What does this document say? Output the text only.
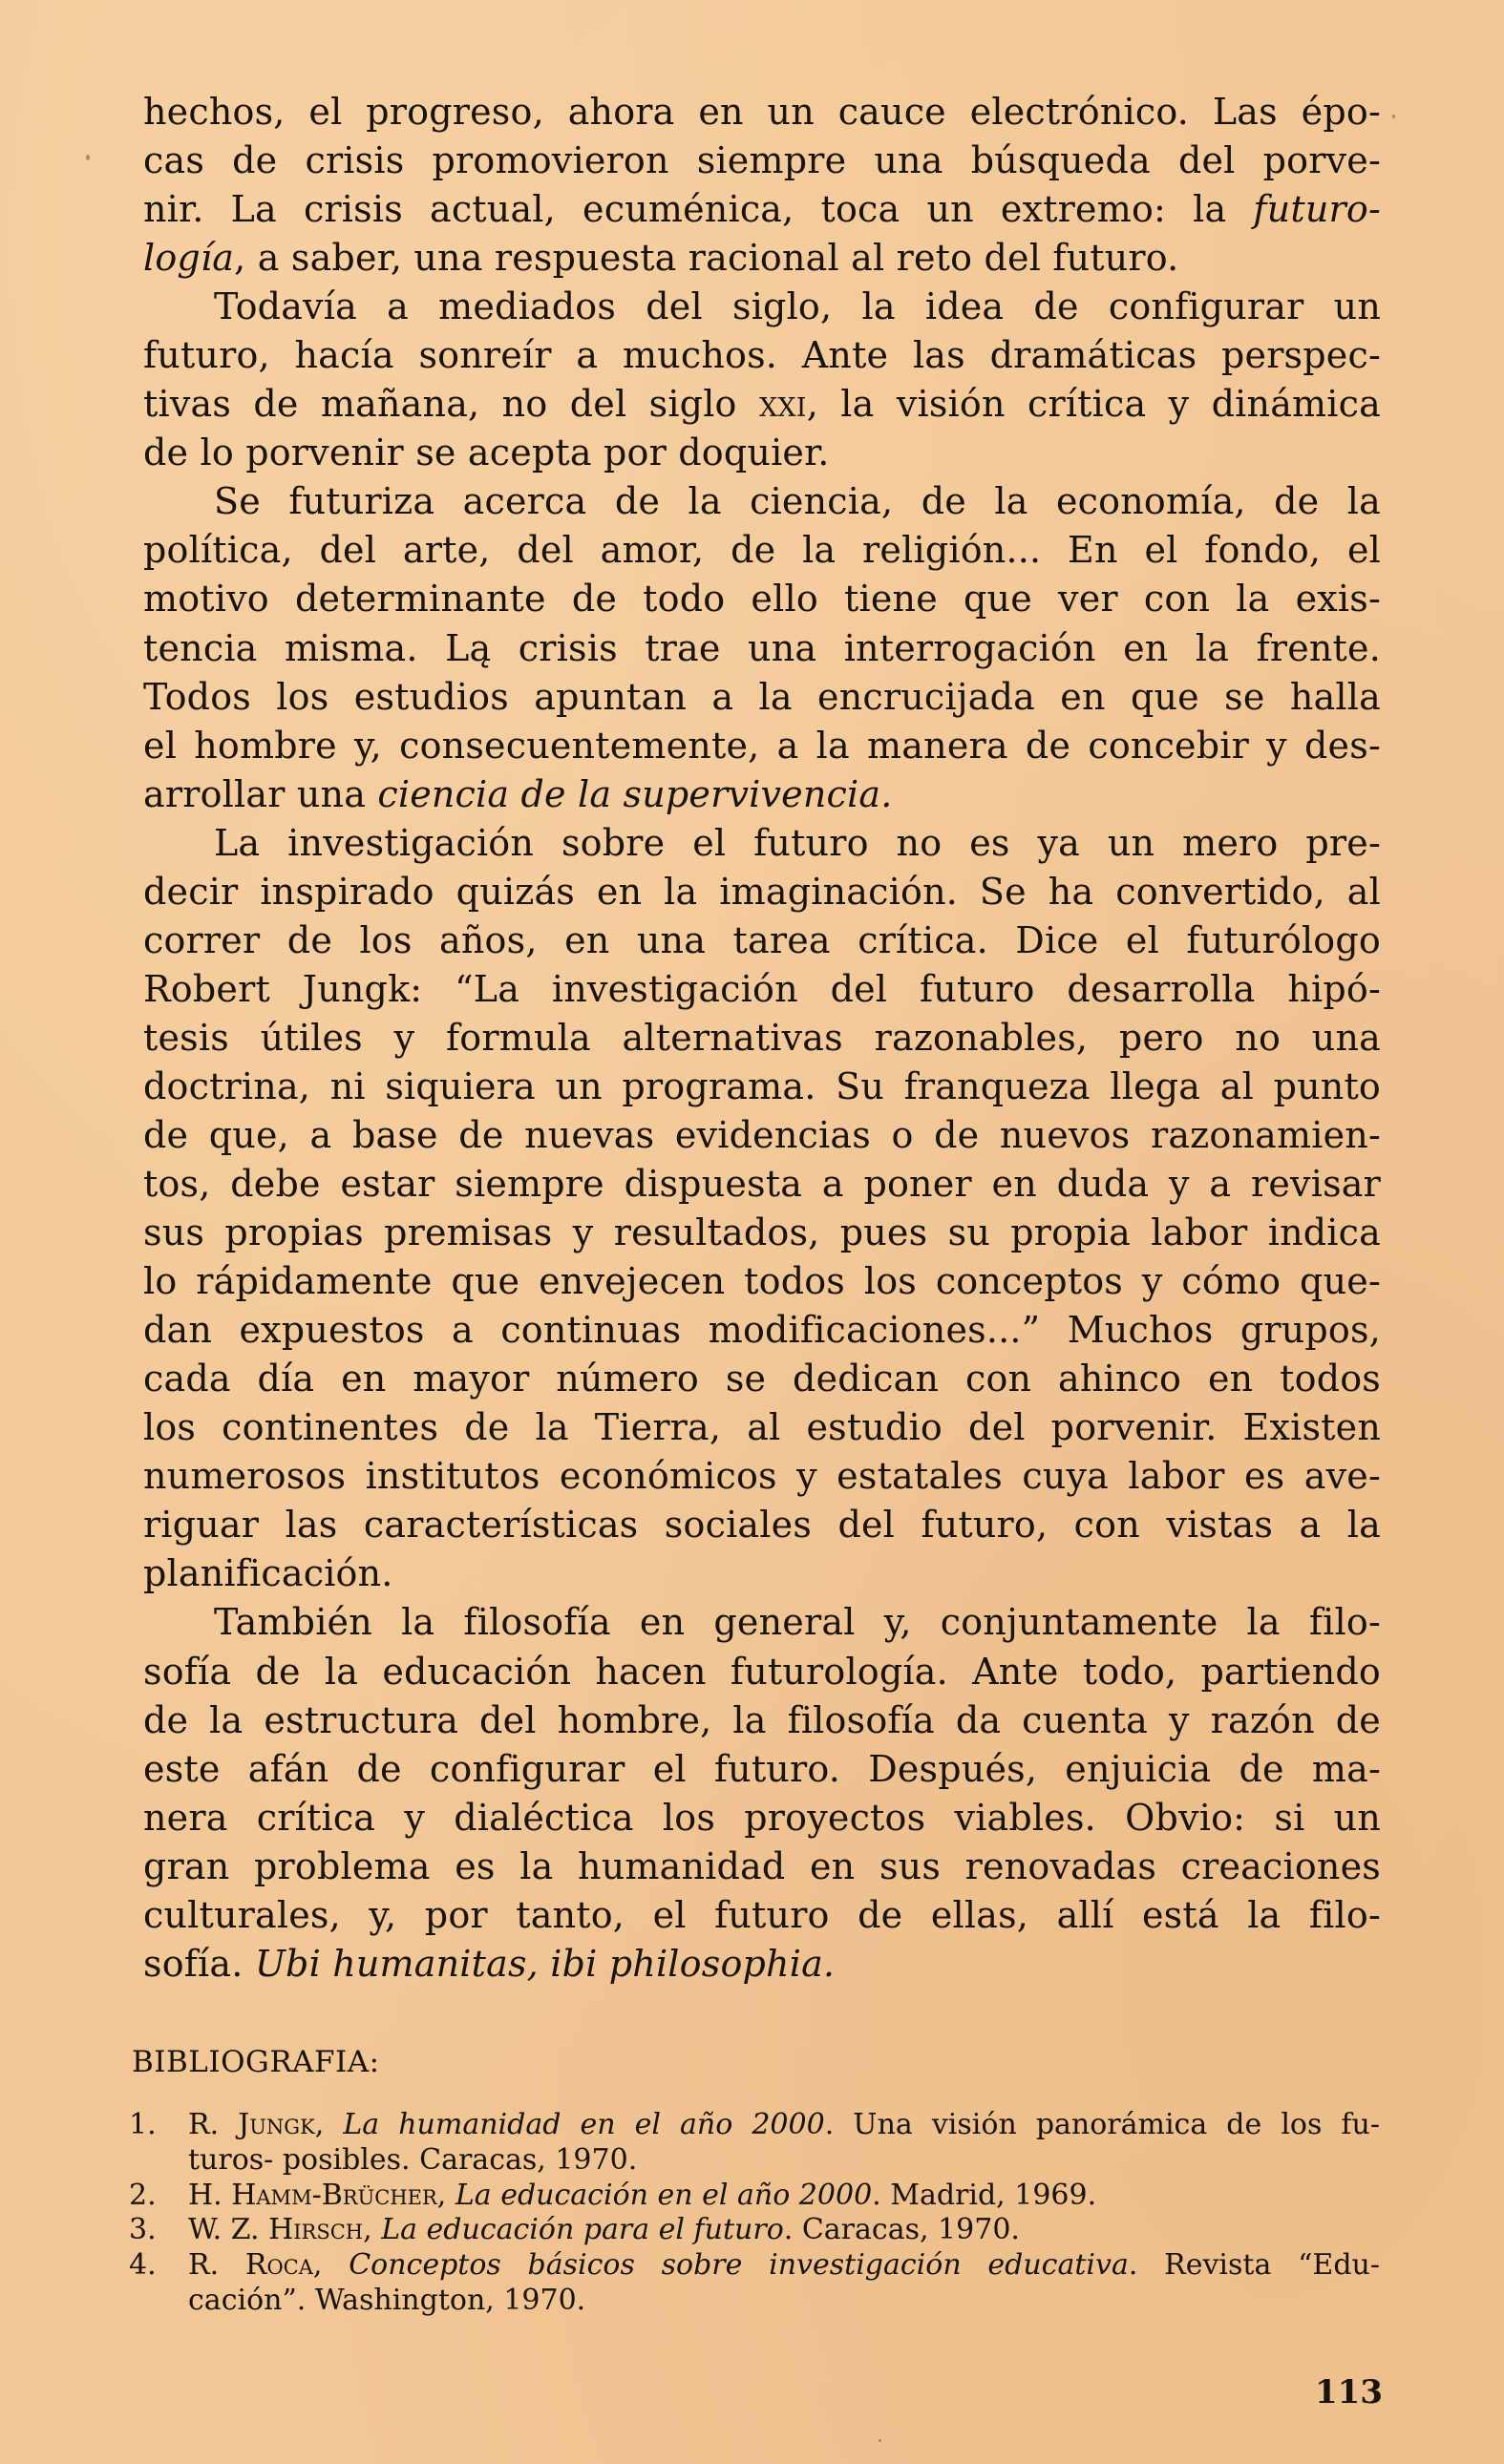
hechos, el progreso, ahora en un cauce electrónico. Las épo-
cas de crisis promovieron siempre una búsqueda del porve-
nir. La crisis actual, ecuménica, toca un extremo: la futuro-
logía, a saber, una respuesta racional al reto del futuro.
Todavía a mediados del siglo, la idea de configurar un
futuro, hacía sonreír a muchos. Ante las dramáticas perspec-
tivas de mañana, no del siglo xxi, la visión crítica y dinámica
de lo porvenir se acepta por doquier.
Se futuriza acerca de la ciencia, de la economía, de la
política, del arte, del amor, de la religión... En el fondo, el
motivo determinante de todo ello tiene que ver con la exis-
tencia misma. Lą crisis trae una interrogación en la frente.
Todos los estudios apuntan a la encrucijada en que se halla
el hombre y, consecuentemente, a la manera de concebir y des-
arrollar una ciencia de la supervivencia.
La investigación sobre el futuro no es ya un mero pre-
decir inspirado quizás en la imaginación. Se ha convertido, al
correr de los años, en una tarea crítica. Dice el futurólogo
Robert Jungk: “La investigación del futuro desarrolla hipó-
tesis útiles y formula alternativas razonables, pero no una
doctrina, ni siquiera un programa. Su franqueza llega al punto
de que, a base de nuevas evidencias o de nuevos razonamien-
tos, debe estar siempre dispuesta a poner en duda y a revisar
sus propias premisas y resultados, pues su propia labor indica
lo rápidamente que envejecen todos los conceptos y cómo que-
dan expuestos a continuas modificaciones...” Muchos grupos,
cada día en mayor número se dedican con ahinco en todos
los continentes de la Tierra, al estudio del porvenir. Existen
numerosos institutos económicos y estatales cuya labor es ave-
riguar las características sociales del futuro, con vistas a la
planificación.
También la filosofía en general y, conjuntamente la filo-
sofía de la educación hacen futurología. Ante todo, partiendo
de la estructura del hombre, la filosofía da cuenta y razón de
este afán de configurar el futuro. Después, enjuicia de ma-
nera crítica y dialéctica los proyectos viables. Obvio: si un
gran problema es la humanidad en sus renovadas creaciones
culturales, y, por tanto, el futuro de ellas, allí está la filo-
sofía. Ubi humanitas, ibi philosophia.
BIBLIOGRAFIA:
1.	R. Jungk, La humanidad en el año 2000. Una visión panorámica de los fu-
turos- posibles. Caracas, 1970.
2.	H. Hamm-Brücher, La educación en el año 2000. Madrid, 1969.
3.	W. Z. Hirsch, La educación para el futuro. Caracas, 1970.
4.	R. Roca, Conceptos básicos sobre investigación educativa. Revista “Edu-
cación”. Washington, 1970.
113
